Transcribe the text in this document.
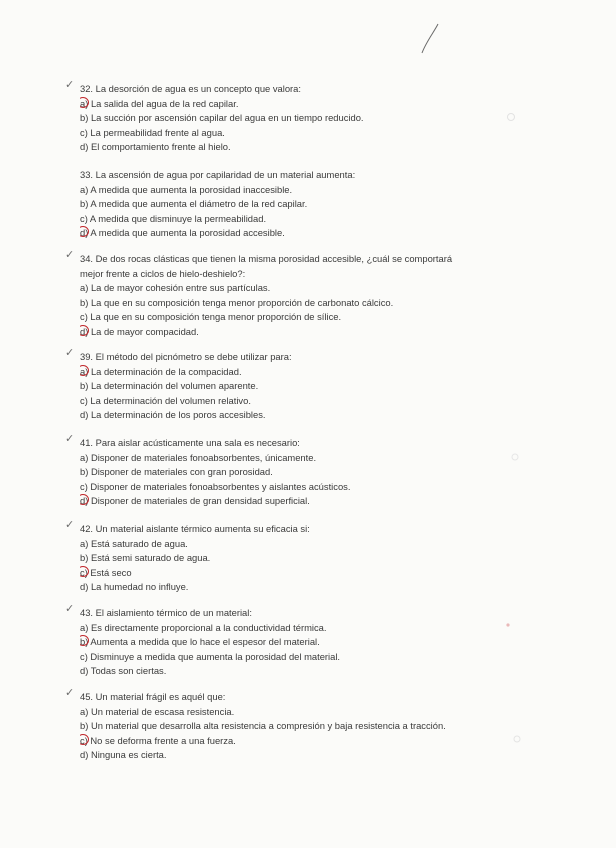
✓ 32. La desorción de agua es un concepto que valora:
a) La salida del agua de la red capilar.
b) La succión por ascensión capilar del agua en un tiempo reducido.
c) La permeabilidad frente al agua.
d) El comportamiento frente al hielo.
33. La ascensión de agua por capilaridad de un material aumenta:
a) A medida que aumenta la porosidad inaccesible.
b) A medida que aumenta el diámetro de la red capilar.
c) A medida que disminuye la permeabilidad.
d) A medida que aumenta la porosidad accesible.
✓ 34. De dos rocas clásticas que tienen la misma porosidad accesible, ¿cuál se comportará
mejor frente a ciclos de hielo-deshielo?:
a) La de mayor cohesión entre sus partículas.
b) La que en su composición tenga menor proporción de carbonato cálcico.
c) La que en su composición tenga menor proporción de sílice.
d) La de mayor compacidad.
✓ 39. El método del picnómetro se debe utilizar para:
a) La determinación de la compacidad.
b) La determinación del volumen aparente.
c) La determinación del volumen relativo.
d) La determinación de los poros accesibles.
✓ 41. Para aislar acústicamente una sala es necesario:
a) Disponer de materiales fonoabsorbentes, únicamente.
b) Disponer de materiales con gran porosidad.
c) Disponer de materiales fonoabsorbentes y aislantes acústicos.
d) Disponer de materiales de gran densidad superficial.
✓ 42. Un material aislante térmico aumenta su eficacia si:
a) Está saturado de agua.
b) Está semi saturado de agua.
c) Está seco
d) La humedad no influye.
✓ 43. El aislamiento térmico de un material:
a) Es directamente proporcional a la conductividad térmica.
b) Aumenta a medida que lo hace el espesor del material.
c) Disminuye a medida que aumenta la porosidad del material.
d) Todas son ciertas.
✓ 45. Un material frágil es aquél que:
a) Un material de escasa resistencia.
b) Un material que desarrolla alta resistencia a compresión y baja resistencia a tracción.
c) No se deforma frente a una fuerza.
d) Ninguna es cierta.
